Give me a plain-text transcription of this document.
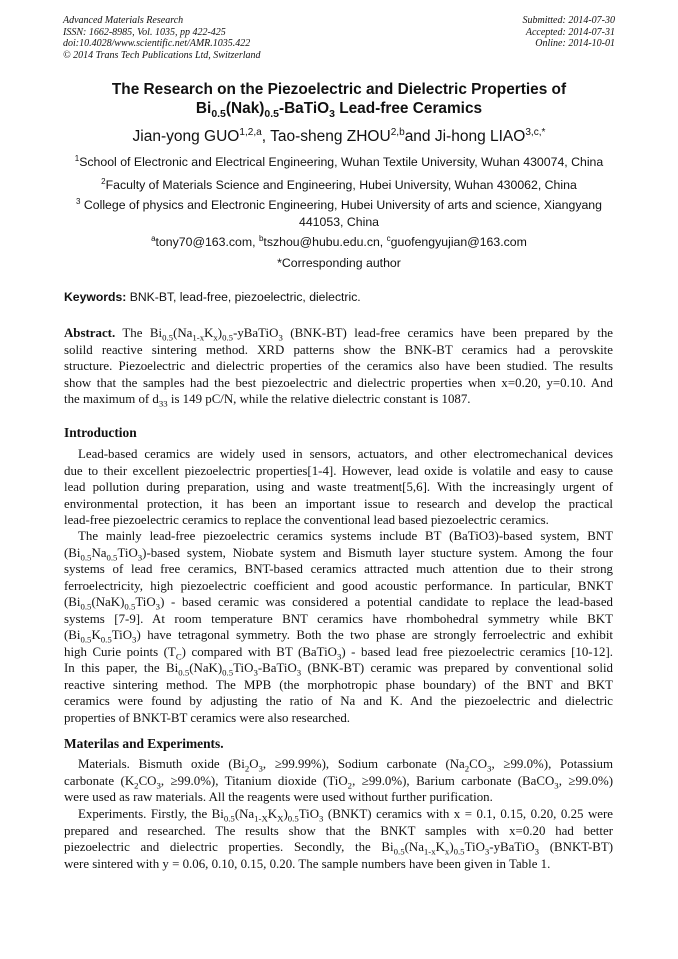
Advanced Materials Research
ISSN: 1662-8985, Vol. 1035, pp 422-425
doi:10.4028/www.scientific.net/AMR.1035.422
© 2014 Trans Tech Publications Ltd, Switzerland
Submitted: 2014-07-30
Accepted: 2014-07-31
Online: 2014-10-01
The Research on the Piezoelectric and Dielectric Properties of
$Bi_{0.5}(Nak)_{0.5}-BaTiO_3$ Lead-free Ceramics
Jian-yong GUO$^{1,2,a}$, Tao-sheng ZHOU$^{2,b}$and Ji-hong $LIAO^{3,c,*}$
$^1$School of Electronic and Electrical Engineering, Wuhan Textile University, Wuhan 430074, China
$^2$Faculty of Materials Science and Engineering, Hubei University, Wuhan 430062, China
$^3$ College of physics and Electronic Engineering, Hubei University of arts and science, Xiangyang
441053, China
$^a$tony70@163.com, $^b$tszhou@hubu.edu.cn, $^c$guofengyujian@163.com
*Corresponding author
Keywords: BNK-BT, lead-free, piezoelectric, dielectric.
Abstract. The $Bi_{0.5}(Na_{1-x}K_x)_{0.5}-yBaTiO_3$ (BNK-BT) lead-free ceramics have been prepared by the
solild reactive sintering method. XRD patterns show the BNK-BT ceramics had a perovskite
structure. Piezoelectric and dielectric properties of the ceramics also have been studied. The results
show that the samples had the best piezoelectric and dielectric properties when x=0.20, y=0.10. And
the maximum of $d_{33}$ is 149 pC/N, while the relative dielectric constant is 1087.
Introduction
Lead-based ceramics are widely used in sensors, actuators, and other electromechanical devices
due to their excellent piezoelectric properties[1-4]. However, lead oxide is volatile and easy to cause
lead pollution during preparation, using and waste treatment[5,6]. With the increasingly urgent of
environmental protection, it has been an important issue to research and develop the practical
lead-free piezoelectric ceramics to replace the conventional lead based piezoelectric ceramics.
The mainly lead-free piezoelectric ceramics systems include BT (BaTiO3)-based system, BNT
$(Bi_{0.5}Na_{0.5}TiO_3)$-based system, Niobate system and Bismuth layer stucture system. Among the four
systems of lead free ceramics, BNT-based ceramics attracted much attention due to their strong
ferroelectricity, high piezoelectric coefficient and good acoustic performance. In particular, BNKT
$(Bi_{0.5}(NaK)_{0.5}TiO_3)$ - based ceramic was considered a potential candidate to replace the lead-based
systems [7-9]. At room temperature BNT ceramics have rhombohedral symmetry while BKT
$(Bi_{0.5}K_{0.5}TiO_3)$ have tetragonal symmetry. Both the two phase are strongly ferroelectric and exhibit
high Curie points $(T_C)$ compared with BT (BaTiO$_3$) - based lead free piezoelectric ceramics [10-12].
In this paper, the $Bi_{0.5}(NaK)_{0.5}TiO_3-BaTiO_3$ (BNK-BT) ceramic was prepared by conventional solid
reactive sintering method. The MPB (the morphotropic phase boundary) of the BNT and BKT
ceramics were found by adjusting the ratio of Na and K. And the piezoelectric and dielectric
properties of BNKT-BT ceramics were also researched.
Materilas and Experiments.
Materials. Bismuth oxide ($Bi_2O_3$, ≥99.99%), Sodium carbonate ($Na_2CO_3$, ≥99.0%), Potassium
carbonate ($K_2CO_3$, ≥99.0%), Titanium dioxide (TiO$_2$, ≥99.0%), Barium carbonate (BaCO$_3$, ≥99.0%)
were used as raw materials. All the reagents were used without further purification.
Experiments. Firstly, the $Bi_{0.5}(Na_{1-X}K_X)_{0.5}TiO_3$ (BNKT) ceramics with x = 0.1, 0.15, 0.20, 0.25 were
prepared and researched. The results show that the BNKT samples with x=0.20 had better
piezoelectric and dielectric properties. Secondly, the $Bi_{0.5}(Na_{1-x}K_x)_{0.5}TiO_3-yBaTiO_3$ (BNKT-BT)
were sintered with y = 0.06, 0.10, 0.15, 0.20. The sample numbers have been given in Table 1.
